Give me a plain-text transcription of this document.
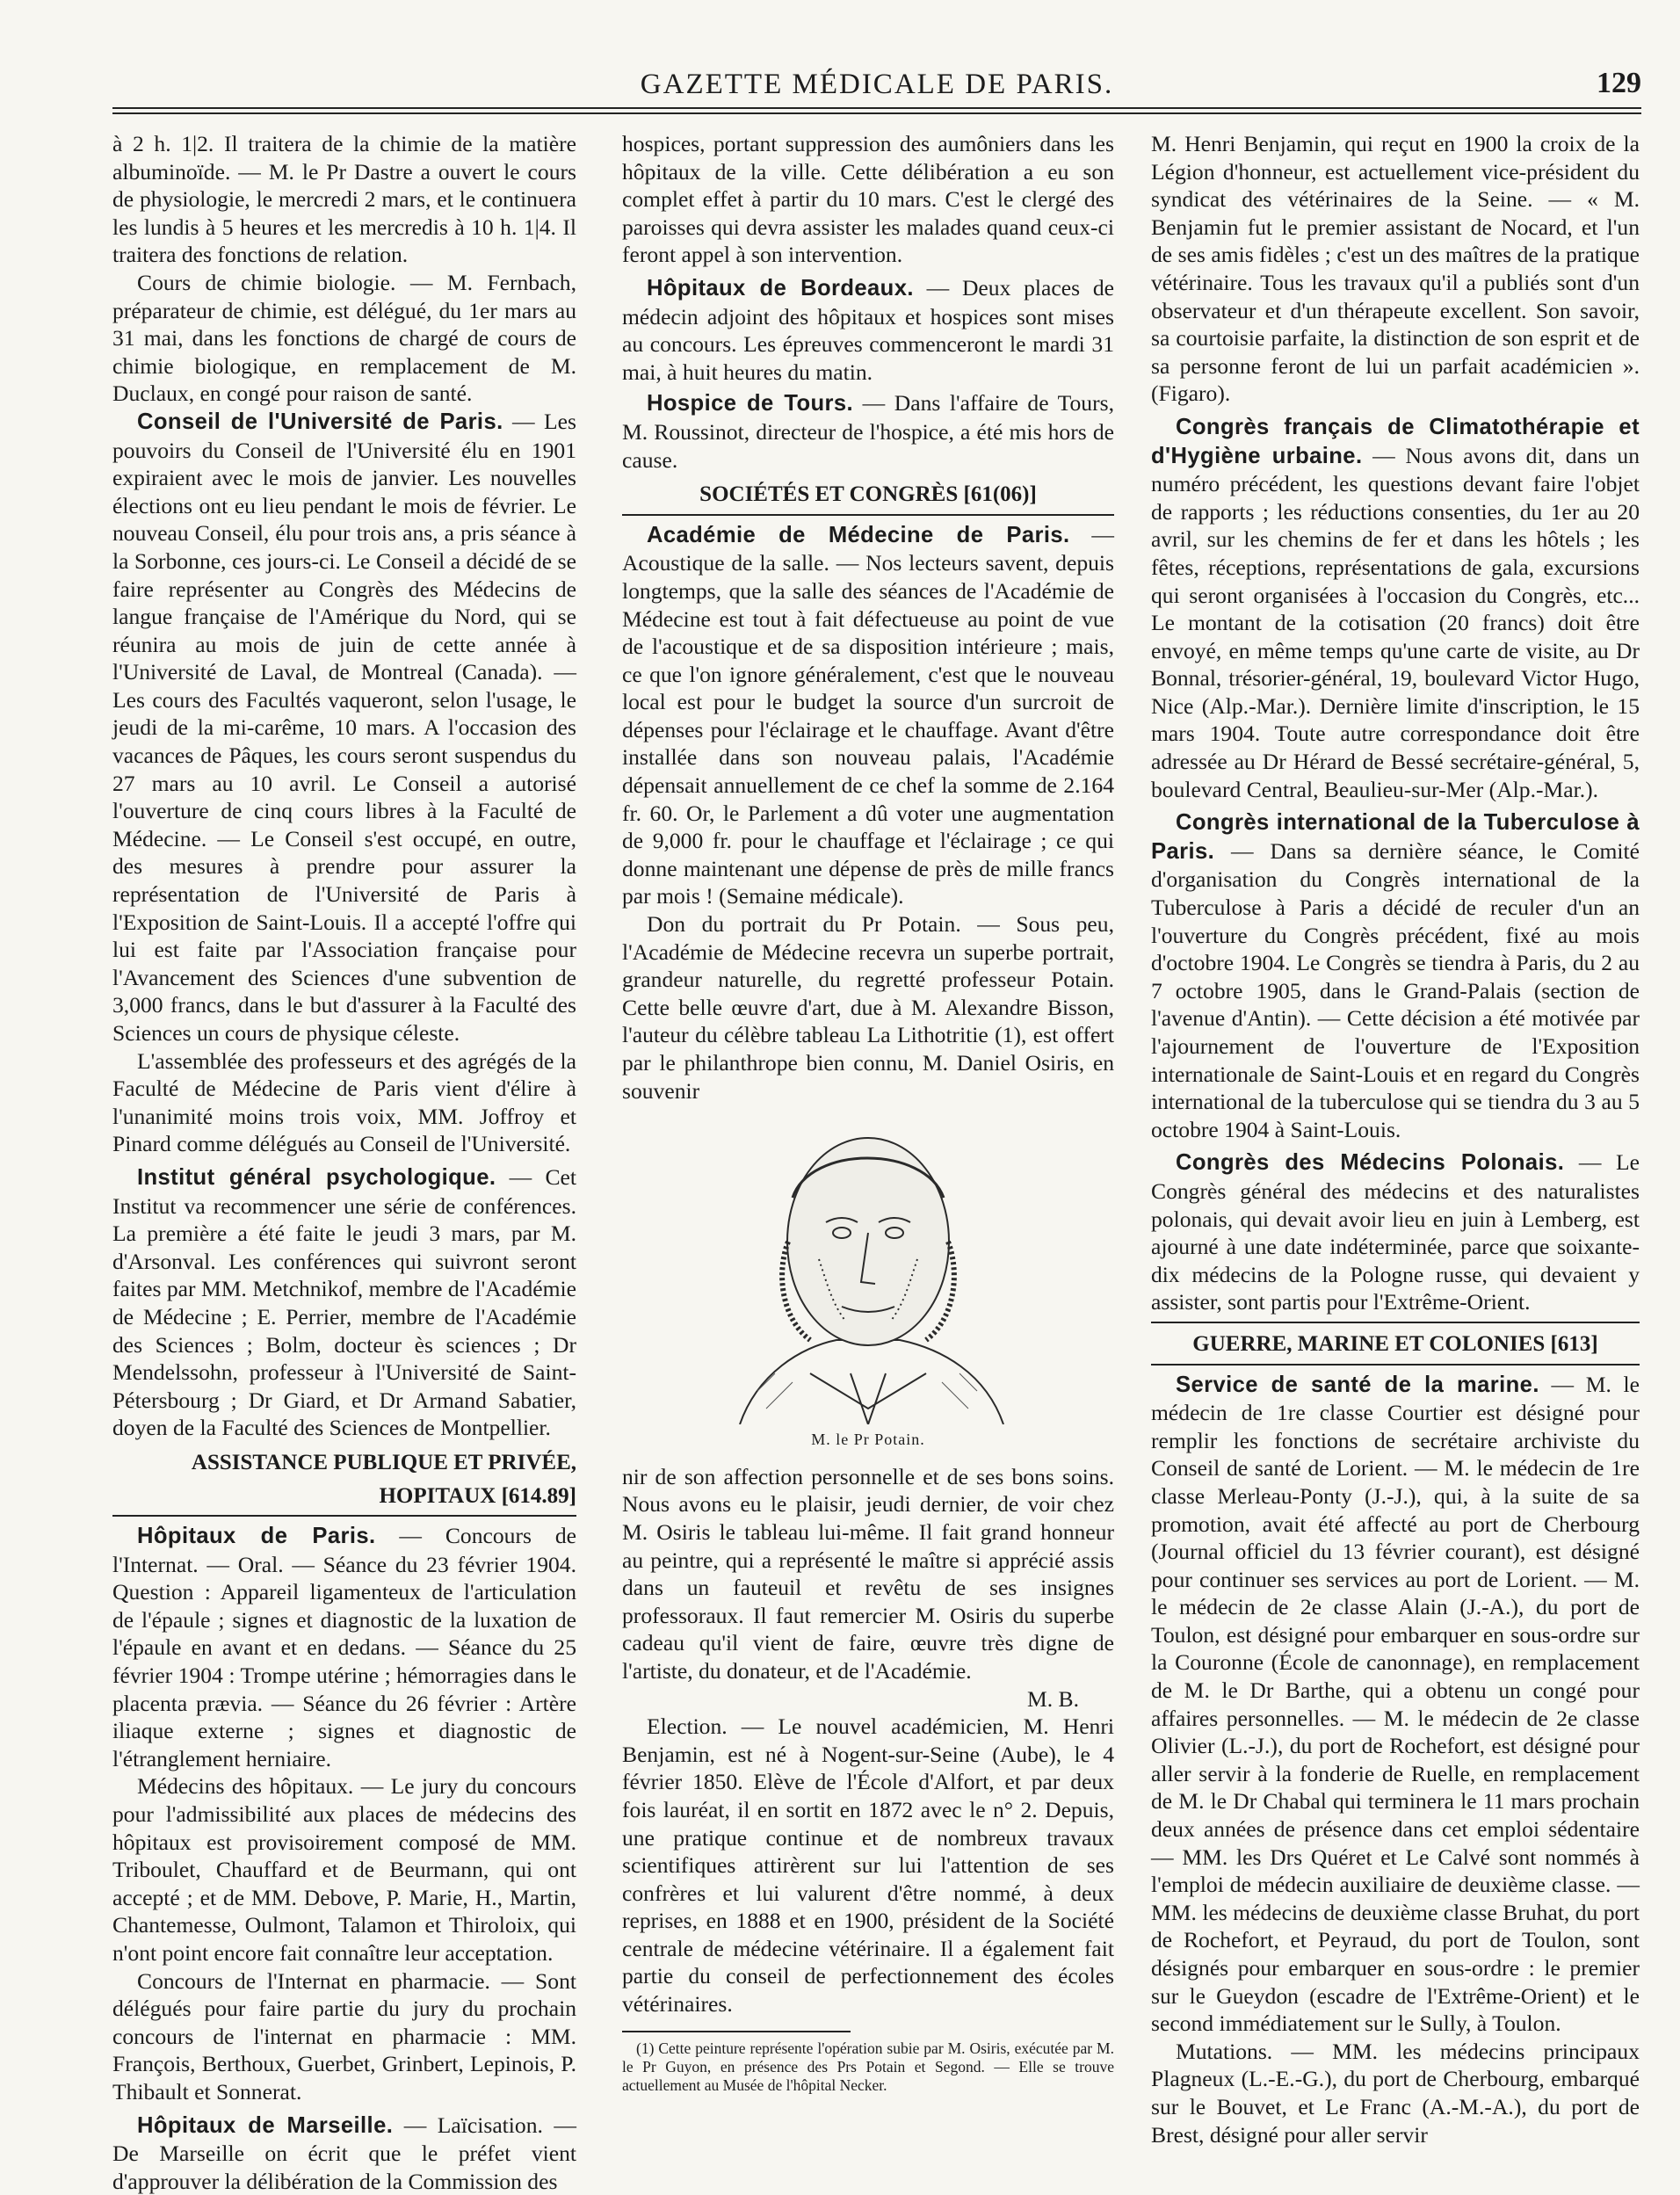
GAZETTE MÉDICALE DE PARIS.	129

à 2 h. 1|2. Il traitera de la chimie de la matière albuminoïde. — M. le Pr Dastre a ouvert le cours de physiologie, le mercredi 2 mars, et le continuera les lundis à 5 heures et les mercredis à 10 h. 1|4. Il traitera des fonctions de relation.

Cours de chimie biologie. — M. Fernbach, préparateur de chimie, est délégué, du 1er mars au 31 mai, dans les fonctions de chargé de cours de chimie biologique, en remplacement de M. Duclaux, en congé pour raison de santé.

Conseil de l'Université de Paris. — Les pouvoirs du Conseil de l'Université élu en 1901 expiraient avec le mois de janvier. Les nouvelles élections ont eu lieu pendant le mois de février. Le nouveau Conseil, élu pour trois ans, a pris séance à la Sorbonne, ces jours-ci. Le Conseil a décidé de se faire représenter au Congrès des Médecins de langue française de l'Amérique du Nord, qui se réunira au mois de juin de cette année à l'Université de Laval, de Montreal (Canada). — Les cours des Facultés vaqueront, selon l'usage, le jeudi de la mi-carême, 10 mars. A l'occasion des vacances de Pâques, les cours seront suspendus du 27 mars au 10 avril. Le Conseil a autorisé l'ouverture de cinq cours libres à la Faculté de Médecine. — Le Conseil s'est occupé, en outre, des mesures à prendre pour assurer la représentation de l'Université de Paris à l'Exposition de Saint-Louis. Il a accepté l'offre qui lui est faite par l'Association française pour l'Avancement des Sciences d'une subvention de 3,000 francs, dans le but d'assurer à la Faculté des Sciences un cours de physique céleste.

L'assemblée des professeurs et des agrégés de la Faculté de Médecine de Paris vient d'élire à l'unanimité moins trois voix, MM. Joffroy et Pinard comme délégués au Conseil de l'Université.

Institut général psychologique. — Cet Institut va recommencer une série de conférences. La première a été faite le jeudi 3 mars, par M. d'Arsonval. Les conférences qui suivront seront faites par MM. Metchnikof, membre de l'Académie de Médecine ; E. Perrier, membre de l'Académie des Sciences ; Bolm, docteur ès sciences ; Dr Mendelssohn, professeur à l'Université de Saint-Pétersbourg ; Dr Giard, et Dr Armand Sabatier, doyen de la Faculté des Sciences de Montpellier.

ASSISTANCE PUBLIQUE ET PRIVÉE,
HOPITAUX [614.89]

Hôpitaux de Paris. — Concours de l'Internat. — Oral. — Séance du 23 février 1904. Question : Appareil ligamenteux de l'articulation de l'épaule ; signes et diagnostic de la luxation de l'épaule en avant et en dedans. — Séance du 25 février 1904 : Trompe utérine ; hémorragies dans le placenta prævia. — Séance du 26 février : Artère iliaque externe ; signes et diagnostic de l'étranglement herniaire.

Médecins des hôpitaux. — Le jury du concours pour l'admissibilité aux places de médecins des hôpitaux est provisoirement composé de MM. Triboulet, Chauffard et de Beurmann, qui ont accepté ; et de MM. Debove, P. Marie, H., Martin, Chantemesse, Oulmont, Talamon et Thiroloix, qui n'ont point encore fait connaître leur acceptation.

Concours de l'Internat en pharmacie. — Sont délégués pour faire partie du jury du prochain concours de l'internat en pharmacie : MM. François, Berthoux, Guerbet, Grinbert, Lepinois, P. Thibault et Sonnerat.

Hôpitaux de Marseille. — Laïcisation. — De Marseille on écrit que le préfet vient d'approuver la délibération de la Commission des

hospices, portant suppression des aumôniers dans les hôpitaux de la ville. Cette délibération a eu son complet effet à partir du 10 mars. C'est le clergé des paroisses qui devra assister les malades quand ceux-ci feront appel à son intervention.

Hôpitaux de Bordeaux. — Deux places de médecin adjoint des hôpitaux et hospices sont mises au concours. Les épreuves commenceront le mardi 31 mai, à huit heures du matin.

Hospice de Tours. — Dans l'affaire de Tours, M. Roussinot, directeur de l'hospice, a été mis hors de cause.

SOCIÉTÉS ET CONGRÈS [61(06)]

Académie de Médecine de Paris. — Acoustique de la salle. — Nos lecteurs savent, depuis longtemps, que la salle des séances de l'Académie de Médecine est tout à fait défectueuse au point de vue de l'acoustique et de sa disposition intérieure ; mais, ce que l'on ignore généralement, c'est que le nouveau local est pour le budget la source d'un surcroit de dépenses pour l'éclairage et le chauffage. Avant d'être installée dans son nouveau palais, l'Académie dépensait annuellement de ce chef la somme de 2.164 fr. 60. Or, le Parlement a dû voter une augmentation de 9,000 fr. pour le chauffage et l'éclairage ; ce qui donne maintenant une dépense de près de mille francs par mois ! (Semaine médicale).

Don du portrait du Pr Potain. — Sous peu, l'Académie de Médecine recevra un superbe portrait, grandeur naturelle, du regretté professeur Potain. Cette belle œuvre d'art, due à M. Alexandre Bisson, l'auteur du célèbre tableau La Lithotritie (1), est offert par le philanthrope bien connu, M. Daniel Osiris, en souvenir

M. le Pr Potain.

nir de son affection personnelle et de ses bons soins. Nous avons eu le plaisir, jeudi dernier, de voir chez M. Osiris le tableau lui-même. Il fait grand honneur au peintre, qui a représenté le maître si apprécié assis dans un fauteuil et revêtu de ses insignes professoraux. Il faut remercier M. Osiris du superbe cadeau qu'il vient de faire, œuvre très digne de l'artiste, du donateur, et de l'Académie.

M. B.

Election. — Le nouvel académicien, M. Henri Benjamin, est né à Nogent-sur-Seine (Aube), le 4 février 1850. Elève de l'École d'Alfort, et par deux fois lauréat, il en sortit en 1872 avec le n° 2. Depuis, une pratique continue et de nombreux travaux scientifiques attirèrent sur lui l'attention de ses confrères et lui valurent d'être nommé, à deux reprises, en 1888 et en 1900, président de la Société centrale de médecine vétérinaire. Il a également fait partie du conseil de perfectionnement des écoles vétérinaires.

(1) Cette peinture représente l'opération subie par M. Osiris, exécutée par M. le Pr Guyon, en présence des Prs Potain et Segond. — Elle se trouve actuellement au Musée de l'hôpital Necker.

M. Henri Benjamin, qui reçut en 1900 la croix de la Légion d'honneur, est actuellement vice-président du syndicat des vétérinaires de la Seine. — « M. Benjamin fut le premier assistant de Nocard, et l'un de ses amis fidèles ; c'est un des maîtres de la pratique vétérinaire. Tous les travaux qu'il a publiés sont d'un observateur et d'un thérapeute excellent. Son savoir, sa courtoisie parfaite, la distinction de son esprit et de sa personne feront de lui un parfait académicien ». (Figaro).

Congrès français de Climatothérapie et d'Hygiène urbaine. — Nous avons dit, dans un numéro précédent, les questions devant faire l'objet de rapports ; les réductions consenties, du 1er au 20 avril, sur les chemins de fer et dans les hôtels ; les fêtes, réceptions, représentations de gala, excursions qui seront organisées à l'occasion du Congrès, etc... Le montant de la cotisation (20 francs) doit être envoyé, en même temps qu'une carte de visite, au Dr Bonnal, trésorier-général, 19, boulevard Victor Hugo, Nice (Alp.-Mar.). Dernière limite d'inscription, le 15 mars 1904. Toute autre correspondance doit être adressée au Dr Hérard de Bessé secrétaire-général, 5, boulevard Central, Beaulieu-sur-Mer (Alp.-Mar.).

Congrès international de la Tuberculose à Paris. — Dans sa dernière séance, le Comité d'organisation du Congrès international de la Tuberculose à Paris a décidé de reculer d'un an l'ouverture du Congrès précédent, fixé au mois d'octobre 1904. Le Congrès se tiendra à Paris, du 2 au 7 octobre 1905, dans le Grand-Palais (section de l'avenue d'Antin). — Cette décision a été motivée par l'ajournement de l'ouverture de l'Exposition internationale de Saint-Louis et en regard du Congrès international de la tuberculose qui se tiendra du 3 au 5 octobre 1904 à Saint-Louis.

Congrès des Médecins Polonais. — Le Congrès général des médecins et des naturalistes polonais, qui devait avoir lieu en juin à Lemberg, est ajourné à une date indéterminée, parce que soixante-dix médecins de la Pologne russe, qui devaient y assister, sont partis pour l'Extrême-Orient.

GUERRE, MARINE ET COLONIES [613]

Service de santé de la marine. — M. le médecin de 1re classe Courtier est désigné pour remplir les fonctions de secrétaire archiviste du Conseil de santé de Lorient. — M. le médecin de 1re classe Merleau-Ponty (J.-J.), qui, à la suite de sa promotion, avait été affecté au port de Cherbourg (Journal officiel du 13 février courant), est désigné pour continuer ses services au port de Lorient. — M. le médecin de 2e classe Alain (J.-A.), du port de Toulon, est désigné pour embarquer en sous-ordre sur la Couronne (École de canonnage), en remplacement de M. le Dr Barthe, qui a obtenu un congé pour affaires personnelles. — M. le médecin de 2e classe Olivier (L.-J.), du port de Rochefort, est désigné pour aller servir à la fonderie de Ruelle, en remplacement de M. le Dr Chabal qui terminera le 11 mars prochain deux années de présence dans cet emploi sédentaire — MM. les Drs Quéret et Le Calvé sont nommés à l'emploi de médecin auxiliaire de deuxième classe. — MM. les médecins de deuxième classe Bruhat, du port de Rochefort, et Peyraud, du port de Toulon, sont désignés pour embarquer en sous-ordre : le premier sur le Gueydon (escadre de l'Extrême-Orient) et le second immédiatement sur le Sully, à Toulon.

Mutations. — MM. les médecins principaux Plagneux (L.-E.-G.), du port de Cherbourg, embarqué sur le Bouvet, et Le Franc (A.-M.-A.), du port de Brest, désigné pour aller servir
